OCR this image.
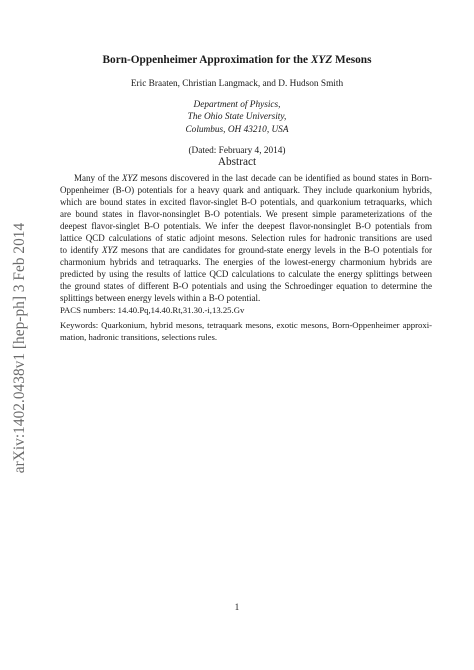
arXiv:1402.0438v1 [hep-ph] 3 Feb 2014
Born-Oppenheimer Approximation for the XYZ Mesons
Eric Braaten, Christian Langmack, and D. Hudson Smith
Department of Physics,
The Ohio State University,
Columbus, OH 43210, USA
(Dated: February 4, 2014)
Abstract

Many of the XYZ mesons discovered in the last decade can be identified as bound states in Born-
Oppenheimer (B-O) potentials for a heavy quark and antiquark. They include quarkonium hybrids,
which are bound states in excited flavor-singlet B-O potentials, and quarkonium tetraquarks, which
are bound states in flavor-nonsinglet B-O potentials. We present simple parameterizations of the
deepest flavor-singlet B-O potentials. We infer the deepest flavor-nonsinglet B-O potentials from
lattice QCD calculations of static adjoint mesons. Selection rules for hadronic transitions are used
to identify XYZ mesons that are candidates for ground-state energy levels in the B-O potentials for
charmonium hybrids and tetraquarks. The energies of the lowest-energy charmonium hybrids are
predicted by using the results of lattice QCD calculations to calculate the energy splittings between
the ground states of different B-O potentials and using the Schroedinger equation to determine the
splittings between energy levels within a B-O potential.

PACS numbers: 14.40.Pq,14.40.Rt,31.30.-i,13.25.Gv
Keywords: Quarkonium, hybrid mesons, tetraquark mesons, exotic mesons, Born-Oppenheimer approxi-
mation, hadronic transitions, selections rules.
1
